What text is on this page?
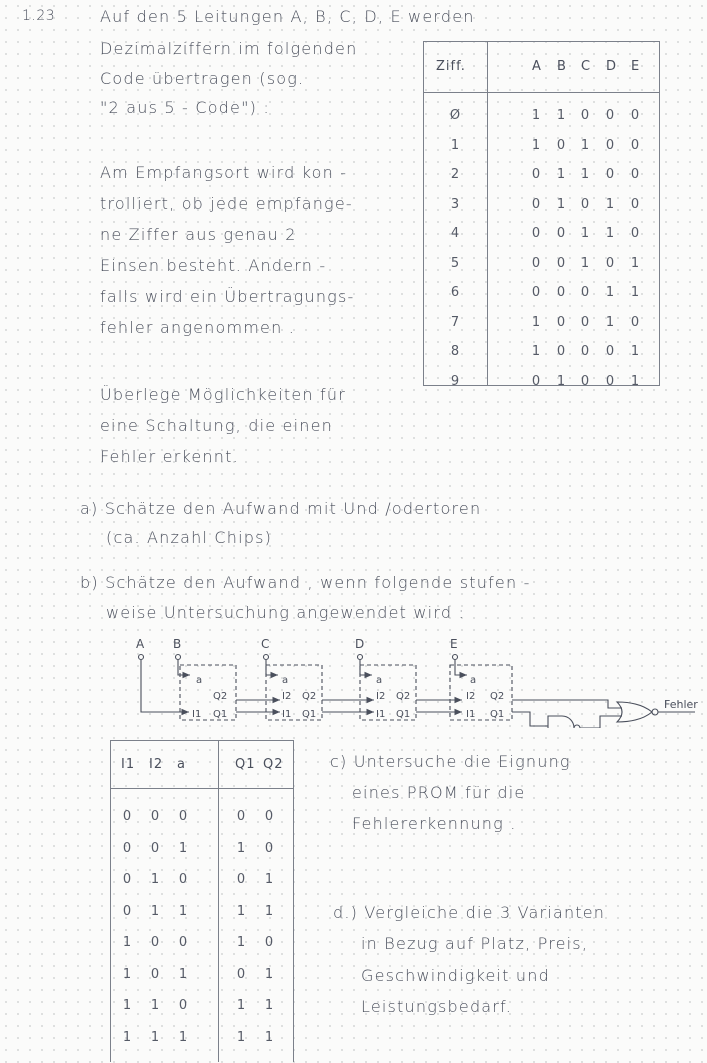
1.23	Auf den 5 Leitungen A, B, C, D, E werden
Dezimalziffern im folgenden
Code übertragen (sog.
"2 aus 5 - Code") :
Am Empfangsort wird kon -
trolliert, ob jede empfange-
ne Ziffer aus genau 2
Einsen besteht. Andern -
falls wird ein Übertragungs-
fehler angenommen .
Überlege Möglichkeiten für
eine Schaltung, die einen
Fehler erkennt.
Ziff.	A B C D E
Ø	1	1	0	0	0
1	1	0	1	0	0
2	0	1	1	0	0
3	0	1	0	1	0
4	0	0	1	1	0
5	0	0	1	0	1
6	0	0	0	1	1
7	1	0	0	1	0
8	1	0	0	0	1
9	0	1	0	0	1
a) Schätze den Aufwand mit Und /odertoren
(ca. Anzahl Chips)
b) Schätze den Aufwand , wenn folgende stufen -
weise Untersuchung angewendet wird :
A B	C	D	E
a
Q2
I1 Q1
a
I2 Q2
I1 Q1
a
I2 Q2
I1 Q1
a
I2 Q2
I1 Q1
Fehler
I1 I2 a	Q1 Q2
0	0	0	0	0
0	0	1	1	0
0	1	0	0	1
0	1	1	1	1
1	0	0	1	0
1	0	1	0	1
1	1	0	1	1
1	1	1	1	1
c) Untersuche die Eignung
eines PROM für die
Fehlererkennung .
d.) Vergleiche die 3 Varianten
in Bezug auf Platz, Preis,
Geschwindigkeit und
Leistungsbedarf.
